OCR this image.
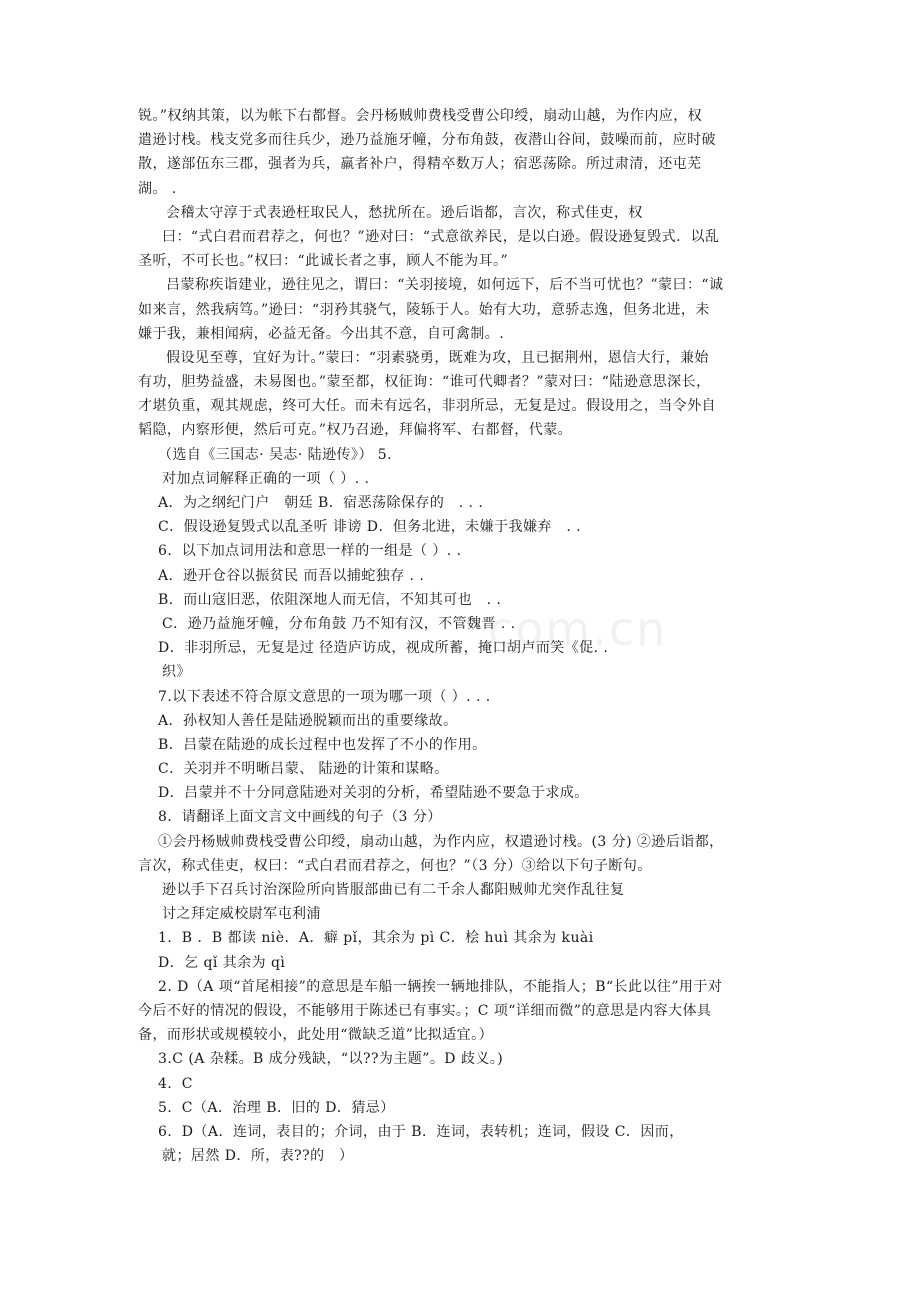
锐。”权纳其策，以为帐下右都督。会丹杨贼帅费栈受曹公印绶，扇动山越，为作内应，权
遣逊讨栈。栈支党多而往兵少，逊乃益施牙幢，分布角鼓，夜潜山谷间，鼓噪而前，应时破
散，遂部伍东三郡，强者为兵，羸者补户，得精卒数万人；宿恶荡除。所过肃清，还屯芜
湖。 .
会稽太守淳于式表逊枉取民人，愁扰所在。逊后诣都，言次，称式佳吏，权
曰：“式白君而君荐之，何也？”逊对曰：“式意欲养民，是以白逊。假设逊复毁式．以乱
圣听，不可长也。”权曰：“此诚长者之事，顾人不能为耳。”
吕蒙称疾诣建业，逊往见之，谓曰：“关羽接境，如何远下，后不当可忧也？”蒙曰：“诚
如来言，然我病笃。”逊曰：“羽矜其骁气，陵轹于人。始有大功，意骄志逸，但务北进，未
嫌于我，兼相闻病，必益无备。今出其不意，自可禽制。.
假设见至尊，宜好为计。”蒙曰：“羽素骁勇，既难为攻，且已据荆州，恩信大行，兼始
有功，胆势益盛，未易图也。”蒙至都，权征询：“谁可代卿者？”蒙对曰：“陆逊意思深长，
才堪负重，观其规虑，终可大任。而未有远名，非羽所忌，无复是过。假设用之，当令外自
韬隐，内察形便，然后可克。”权乃召逊，拜偏将军、右都督，代蒙。
（选自《三国志· 吴志· 陆逊传》） 5.
对加点词解释正确的一项（ ）. .
A．为之纲纪门户　朝廷 B．宿恶荡除保存的　. . .
C．假设逊复毁式以乱圣听 诽谤 D．但务北进，未嫌于我嫌弃　. .
6．以下加点词用法和意思一样的一组是（ ）. .
A．逊开仓谷以振贫民 而吾以捕蛇独存 . .
B．而山寇旧恶，依阻深地人而无信，不知其可也　. .
C．逊乃益施牙幢，分布角鼓 乃不知有汉，不管魏晋 . .
D．非羽所忌，无复是过 径造庐访成，视成所蓄，掩口胡卢而笑《促. .
织》
7.以下表述不符合原文意思的一项为哪一项（ ）. . .
A．孙权知人善任是陆逊脱颖而出的重要缘故。
B．吕蒙在陆逊的成长过程中也发挥了不小的作用。
C．关羽并不明晰吕蒙、 陆逊的计策和谋略。
D．吕蒙并不十分同意陆逊对关羽的分析，希望陆逊不要急于求成。
8．请翻译上面文言文中画线的句子（3 分）
①会丹杨贼帅费栈受曹公印绶，扇动山越，为作内应，权遣逊讨栈。(3 分) ②逊后诣都，
言次，称式佳吏，权曰：“式白君而君荐之，何也？”（3 分）③给以下句子断句。
逊以手下召兵讨治深险所向皆服部曲已有二千余人鄱阳贼帅尤突作乱往复
讨之拜定威校尉军屯利浦
1．B ．B 都读 niè．A．癖 pǐ，其余为 pì C．桧 huì 其余为 kuài
D．乞 qǐ 其余为 qì
2. D（A 项“首尾相接”的意思是车船一辆挨一辆地排队，不能指人；B“长此以往”用于对
今后不好的情况的假设，不能够用于陈述已有事实。；C 项“详细而微”的意思是内容大体具
备，而形状或规模较小，此处用“微缺乏道”比拟适宜。）
3.C (A 杂糅。B 成分残缺，“以??为主题”。D 歧义。)
4．C
5．C（A．治理 B．旧的 D．猜忌）
6．D（A．连词，表目的；介词，由于 B．连词，表转机；连词，假设 C．因而，
就；居然 D．所，表??的　）
com.cn
